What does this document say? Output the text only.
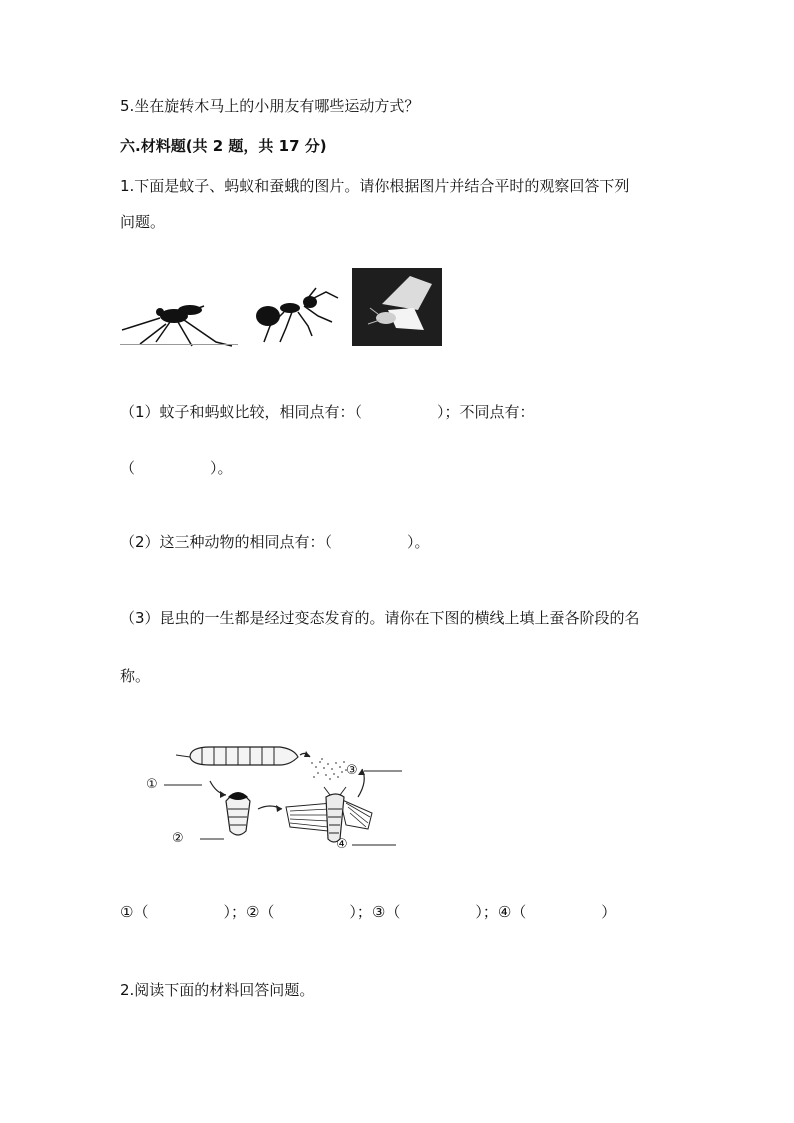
5.坐在旋转木马上的小朋友有哪些运动方式？
六.材料题(共 2 题，共 17 分)
1.下面是蚊子、蚂蚁和蚕蛾的图片。请你根据图片并结合平时的观察回答下列
问题。
（1）蚊子和蚂蚁比较，相同点有：（　　　　　）；不同点有：
（　　　　　）。
（2）这三种动物的相同点有：（　　　　　）。
（3）昆虫的一生都是经过变态发育的。请你在下图的横线上填上蚕各阶段的名
称。
①
②
③
④
①（　　　　　）；②（　　　　　）；③（　　　　　）；④（　　　　　）
2.阅读下面的材料回答问题。
